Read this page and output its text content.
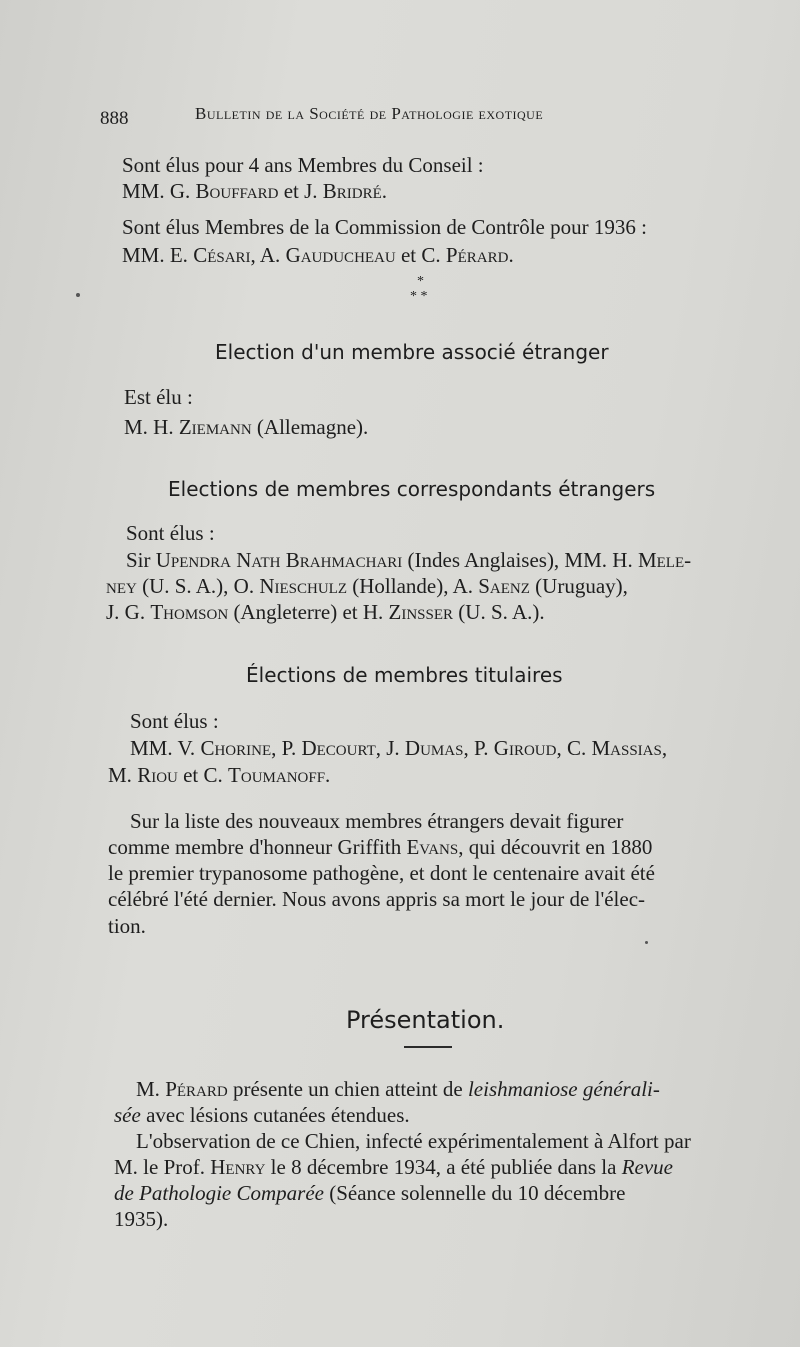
888	Bulletin de la Société de Pathologie exotique
Sont élus pour 4 ans Membres du Conseil :
MM. G. Bouffard et J. Bridré.
Sont élus Membres de la Commission de Contrôle pour 1936 :
MM. E. Césari, A. Gauducheau et C. Pérard.
*
* *
Election d'un membre associé étranger
Est élu :
M. H. Ziemann (Allemagne).
Elections de membres correspondants étrangers
Sont élus :
Sir Upendra Nath Brahmachari (Indes Anglaises), MM. H. Mele-
ney (U. S. A.), O. Nieschulz (Hollande), A. Saenz (Uruguay),
J. G. Thomson (Angleterre) et H. Zinsser (U. S. A.).
Élections de membres titulaires
Sont élus :
MM. V. Chorine, P. Decourt, J. Dumas, P. Giroud, C. Massias,
M. Riou et C. Toumanoff.
Sur la liste des nouveaux membres étrangers devait figurer
comme membre d'honneur Griffith Evans, qui découvrit en 1880
le premier trypanosome pathogène, et dont le centenaire avait été
célébré l'été dernier. Nous avons appris sa mort le jour de l'élec-
tion.
Présentation.
M. Pérard présente un chien atteint de leishmaniose générali-
sée avec lésions cutanées étendues.
L'observation de ce Chien, infecté expérimentalement à Alfort par
M. le Prof. Henry le 8 décembre 1934, a été publiée dans la Revue
de Pathologie Comparée (Séance solennelle du 10 décembre
1935).
